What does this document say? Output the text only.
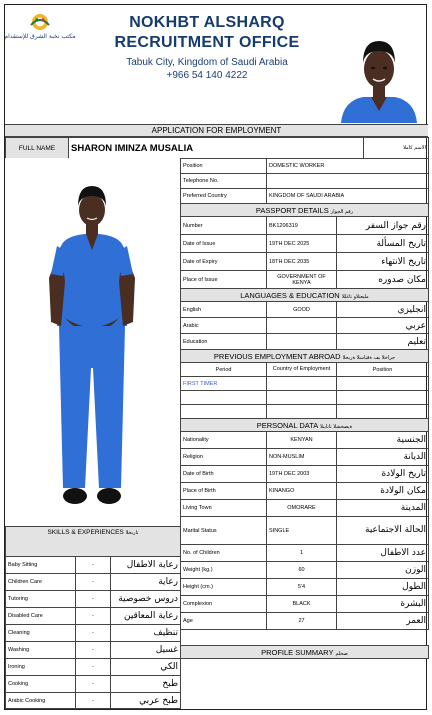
مكتب نخبة الشرق للإستقدام
NOKHBT ALSHARQ
RECRUITMENT OFFICE
Tabuk City, Kingdom of Saudi Arabia
+966 54 140 4222
APPLICATION FOR EMPLOYMENT
FULL NAME	SHARON IMINZA MUSALIA	الاسم كاملا
Position	DOMESTIC WORKER	
Telephone No.		
Preferred Country	KINGDOM OF SAUDI ARABIA	
PASSPORT DETAILS رقم الجواز		
Number	BK1206319	رقم جواز السفر
Date of Issue	19TH DEC 2025	تاريخ المسألة
Date of Expiry	18TH DEC 2035	تاريخ الانتهاء
Place of Issue	GOVERNMENT OF KENYA	مكان صدوره
LANGUAGES & EDUCATION مليعتلاو تاغللا		
English	GOOD	انجليزي
Arabic		عربي
Education		تعليم
PREVIOUS EMPLOYMENT ABROAD جراخلا يف ةقباسلا ةربخلا		
Period	Country of Employment	Position
FIRST TIMER		

PERSONAL DATA ةيصخشلا تانايبلا		
Nationality	KENYAN	الجنسية
Religion	NON-MUSLIM	الديانة
Date of Birth	19TH DEC 2003	تاريخ الولادة
Place of Birth	KINANGO	مكان الولادة
Living Town	OMORARE	المدينة
Marital Status	SINGLE	الحالة الاجتماعية
No. of Children	1	عدد الاطفال
Weight (kg.)	60	الوزن
Height (cm.)	5'4	الطول
Complexion	BLACK	البشرة
Age	27	العمر
SKILLS & EXPERIENCES تاربخلا		
Baby Sitting	-	رعاية الاطفال
Children Care	-	رعاية
Tutoring	-	دروس خصوصية
Disabled Care	-	رعاية المعاقين
Cleaning	-	تنظيف
Washing	-	غسيل
Ironing	-	الكي
Cooking	-	طبخ
Arabic Cooking	-	طبخ عربي
PROFILE SUMMARY صخلم
